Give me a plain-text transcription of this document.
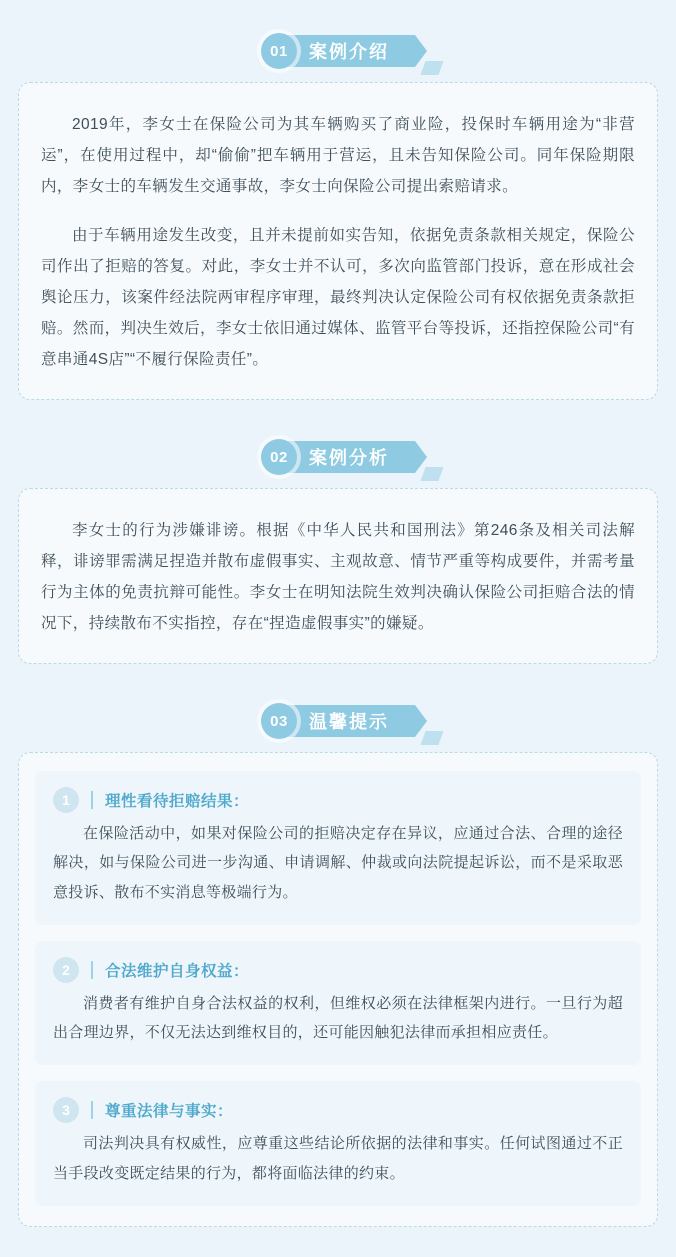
01	案例介绍

2019年，李女士在保险公司为其车辆购买了商业险，投保时车辆用途为“非营运”，在使用过程中，却“偷偷”把车辆用于营运，且未告知保险公司。同年保险期限内，李女士的车辆发生交通事故，李女士向保险公司提出索赔请求。

由于车辆用途发生改变，且并未提前如实告知，依据免责条款相关规定，保险公司作出了拒赔的答复。对此，李女士并不认可，多次向监管部门投诉，意在形成社会舆论压力，该案件经法院两审程序审理，最终判决认定保险公司有权依据免责条款拒赔。然而，判决生效后，李女士依旧通过媒体、监管平台等投诉，还指控保险公司“有意串通4S店”“不履行保险责任”。

02	案例分析

李女士的行为涉嫌诽谤。根据《中华人民共和国刑法》第246条及相关司法解释，诽谤罪需满足捏造并散布虚假事实、主观故意、情节严重等构成要件，并需考量行为主体的免责抗辩可能性。李女士在明知法院生效判决确认保险公司拒赔合法的情况下，持续散布不实指控，存在“捏造虚假事实”的嫌疑。

03	温馨提示
1	理性看待拒赔结果：

在保险活动中，如果对保险公司的拒赔决定存在异议，应通过合法、合理的途径解决，如与保险公司进一步沟通、申请调解、仲裁或向法院提起诉讼，而不是采取恶意投诉、散布不实消息等极端行为。

2	合法维护自身权益：

消费者有维护自身合法权益的权利，但维权必须在法律框架内进行。一旦行为超出合理边界，不仅无法达到维权目的，还可能因触犯法律而承担相应责任。

3	尊重法律与事实：

司法判决具有权威性，应尊重这些结论所依据的法律和事实。任何试图通过不正当手段改变既定结果的行为，都将面临法律的约束。
